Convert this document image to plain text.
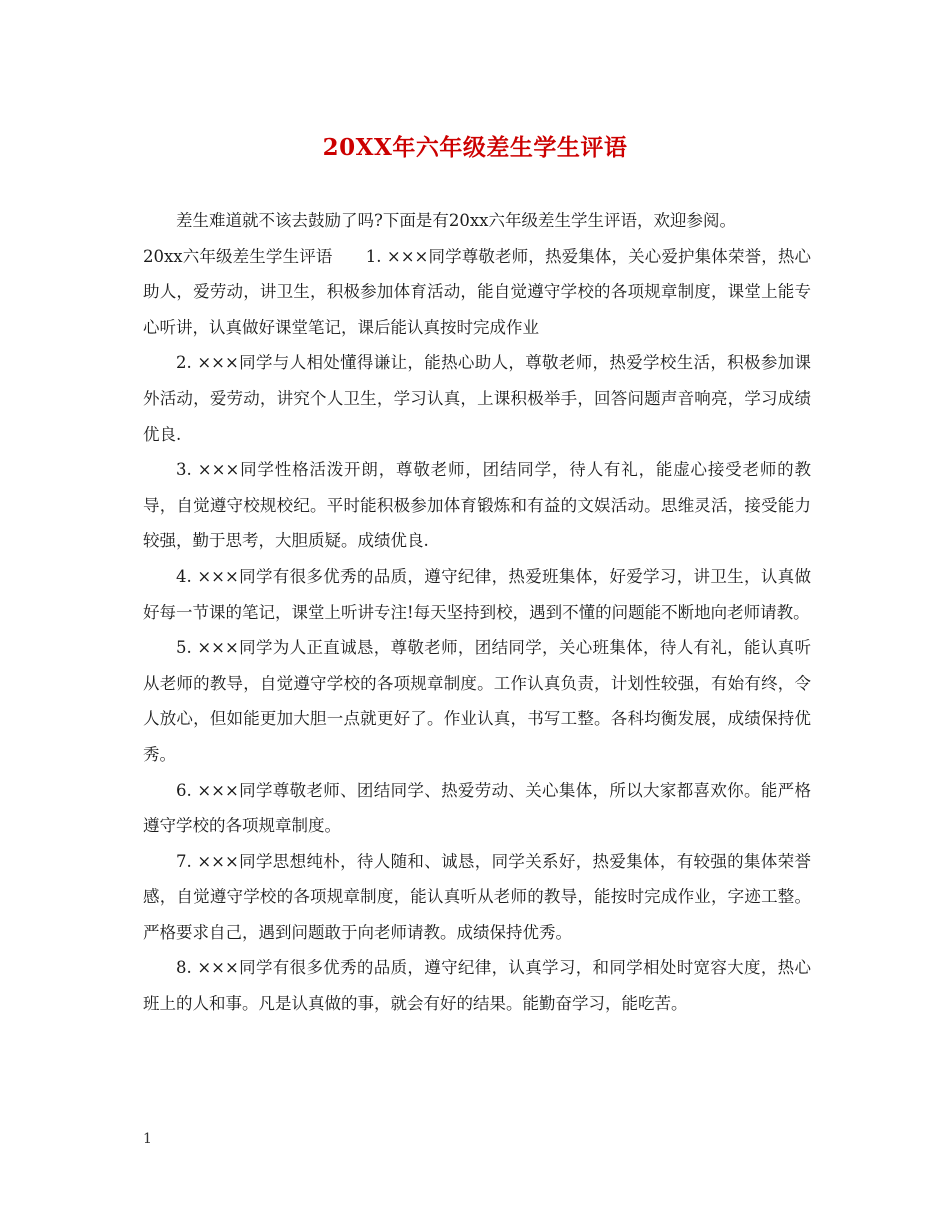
20XX年六年级差生学生评语

差生难道就不该去鼓励了吗?下面是有20xx六年级差生学生评语，欢迎参阅。

20xx六年级差生学生评语　　1. ×××同学尊敬老师，热爱集体，关心爱护集体荣誉，热心助人，爱劳动，讲卫生，积极参加体育活动，能自觉遵守学校的各项规章制度，课堂上能专心听讲，认真做好课堂笔记，课后能认真按时完成作业

2. ×××同学与人相处懂得谦让，能热心助人，尊敬老师，热爱学校生活，积极参加课外活动，爱劳动，讲究个人卫生，学习认真，上课积极举手，回答问题声音响亮，学习成绩优良.

3. ×××同学性格活泼开朗，尊敬老师，团结同学，待人有礼，能虚心接受老师的教导，自觉遵守校规校纪。平时能积极参加体育锻炼和有益的文娱活动。思维灵活，接受能力较强，勤于思考，大胆质疑。成绩优良.

4. ×××同学有很多优秀的品质，遵守纪律，热爱班集体，好爱学习，讲卫生，认真做好每一节课的笔记，课堂上听讲专注!每天坚持到校，遇到不懂的问题能不断地向老师请教。

5. ×××同学为人正直诚恳，尊敬老师，团结同学，关心班集体，待人有礼，能认真听从老师的教导，自觉遵守学校的各项规章制度。工作认真负责，计划性较强，有始有终，令人放心，但如能更加大胆一点就更好了。作业认真，书写工整。各科均衡发展，成绩保持优秀。

6. ×××同学尊敬老师、团结同学、热爱劳动、关心集体，所以大家都喜欢你。能严格遵守学校的各项规章制度。

7. ×××同学思想纯朴，待人随和、诚恳，同学关系好，热爱集体，有较强的集体荣誉感，自觉遵守学校的各项规章制度，能认真听从老师的教导，能按时完成作业，字迹工整。严格要求自己，遇到问题敢于向老师请教。成绩保持优秀。

8. ×××同学有很多优秀的品质，遵守纪律，认真学习，和同学相处时宽容大度，热心班上的人和事。凡是认真做的事，就会有好的结果。能勤奋学习，能吃苦。

1
